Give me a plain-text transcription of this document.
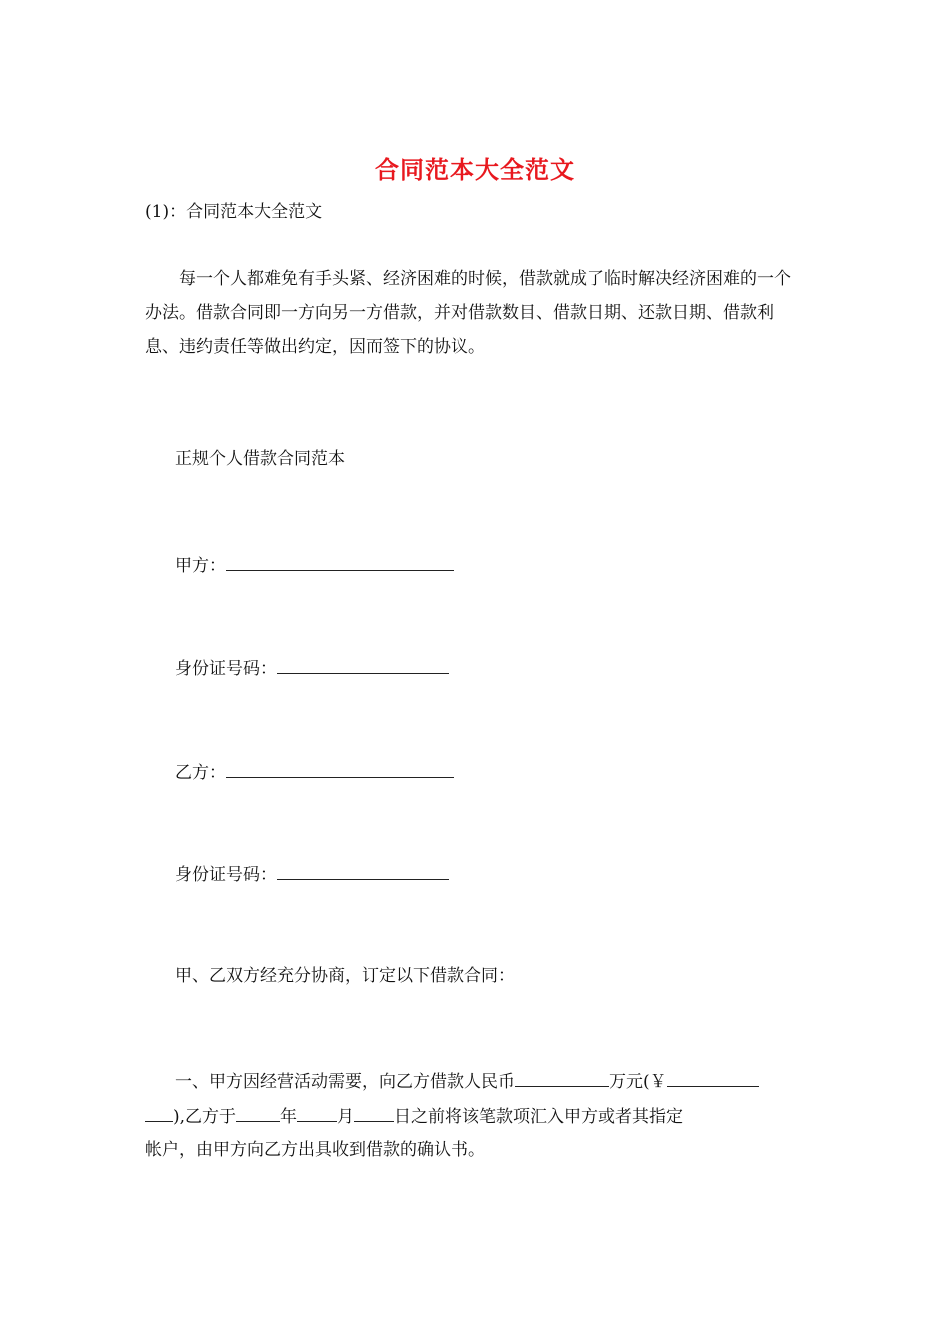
合同范本大全范文
(1)：合同范本大全范文
每一个人都难免有手头紧、经济困难的时候，借款就成了临时解决经济困难的一个办法。借款合同即一方向另一方借款，并对借款数目、借款日期、还款日期、借款利息、违约责任等做出约定，因而签下的协议。
正规个人借款合同范本
甲方：
身份证号码：
乙方：
身份证号码：
甲、乙双方经充分协商，订定以下借款合同：
一、甲方因经营活动需要，向乙方借款人民币	万元(￥
),乙方于	年 月 日之前将该笔款项汇入甲方或者其指定
帐户，由甲方向乙方出具收到借款的确认书。
